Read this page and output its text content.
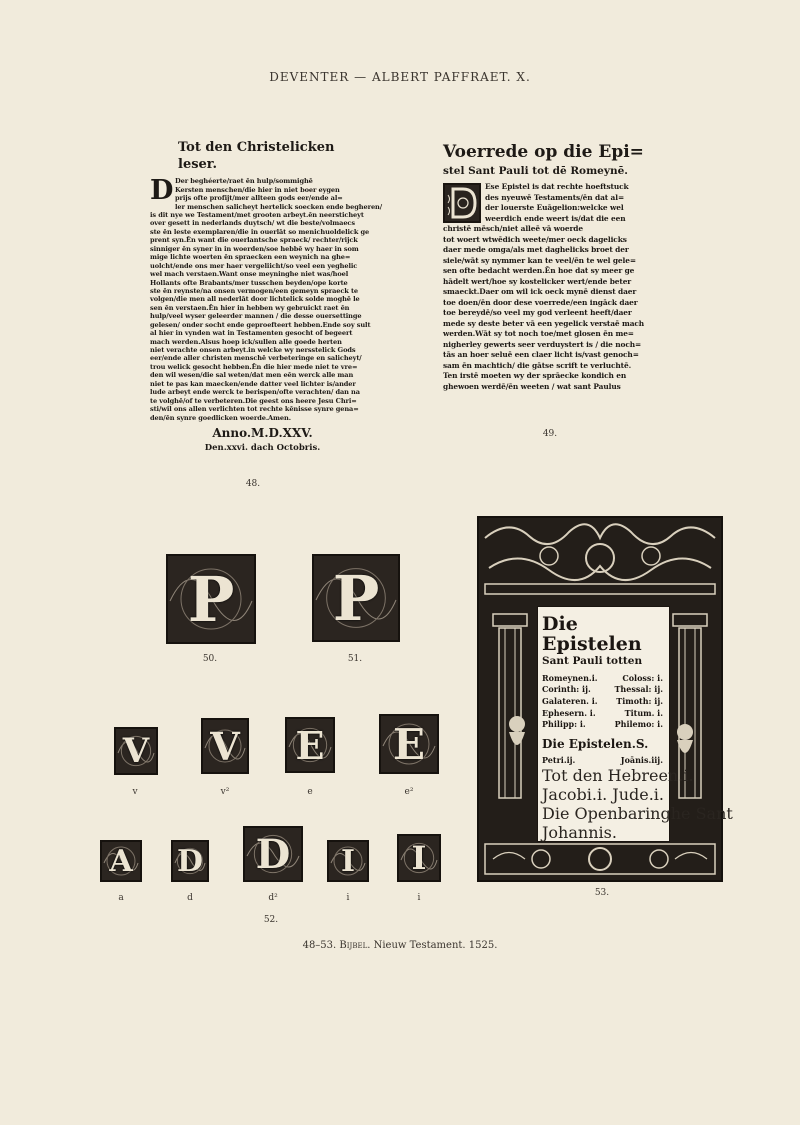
DEVENTER — ALBERT PAFFRAET. X.
Tot den Christelicken leser.
D Der beghéerte/raet ēn hulp/sommighē
Kersten menschen/die hier in niet boer eygen
prijs ofte profijt/mer allteen gods eer/ende al=
ler menschen salicheyt hertelick soecken ende begheren/
is dit nye we Testament/met grooten arbeyt.ēn neersticheyt
over gesett in nederlands duytsch/ wt die beste/volmaecs
ste ēn leste exemplaren/die in ouerlāt so menichuoldelick ge
prent syn.Ēn want die ouerlantsche spraeck/ rechter/rijck
sinniger ēn syner in in woerden/soe hebbē wy haer in som
mige lichte woerten ēn spraecken een weynich na ghe=
uolcht/ende ons mer haer vergeliicht/so veel een yeghelic
wel mach verstaen.Want onse meyninghe niet was/hoel
Hollants ofte Brabants/mer tusschen beyden/ope korte
ste ēn reynste/na onsen vermogen/een gemeyn spraeck te
volgen/die men all nederlāt door lichtelick solde moghē le
sen ēn verstaen.Ēn hier in hebben wy gebruickt raet ēn
hulp/veel wyser geleerder mannen / die desse ouersettinge
gelesen/ onder socht ende geproefteert hebben.Ende soy sult
al hier in vynden wat in Testamenten gesocht of begeert
mach werden.Alsus hoep ick/sullen alle goede herten
niet verachte onsen arbeyt.in welcke wy nersstelick Gods
eer/ende aller christen menschē verbeteringe en salicheyt/
trou welick gesocht hebben.Ēn die hier mede niet te vre=
den wil wesen/die sal weten/dat men eēn werck alle man
niet te pas kan maecken/ende datter veel lichter is/ander
lude arbeyt ende werck te berispen/ofte verachten/ dan na
te volghē/of te verbeteren.Die geest ons heere Jesu Chri=
sti/wil ons allen verlichten tot rechte kēnisse synre gena=
den/ēn synre goedlicken woerde.Amen.
Anno.M.D.XXV.
Den.xxvi. dach Octobris.
48.
Voerrede op die Epi=
stel Sant Pauli tot dē Romeynē.
Ese Epistel is dat rechte hoeftstuck
des nyeuwē Testaments/ēn dat al=
der louerste Euāgelion:welcke wel
weerdich ende weert is/dat die een
christē mēsch/niet alleē vā woerde
tot woert wtwēdich weete/mer oeck dagelicks
daer mede omga/als met daghelicks broet der
siele/wāt sy nymmer kan te veel/ēn te wel gele=
sen ofte bedacht werden.Ēn hoe dat sy meer ge
hādelt wert/hoe sy kostelicker wert/ende beter
smaeckt.Daer om wil ick oeck mynē dienst daer
toe doen/ēn door dese voerrede/een ingāck daer
toe bereydē/so veel my god verleent heeft/daer
mede sy deste beter vā een yegelick verstaē mach
werden.Wāt sy tot noch toe/met glosen ēn me=
nigherley gewerts seer verduystert is / die noch=
tās an hoer seluē een claer licht is/vast genoch=
sam ēn machtich/ die gātse scrift te verluchtē.
Ten irstē moeten wy der sprāecke kondich en
ghewoen werdē/ēn weeten / wat sant Paulus
49.
P
50.
P
51.
V
v
V
v²
E
e
E
e²
A
a
D
d
D
d²
I
i
I
i
52.
Die Epistelen
Sant Pauli totten
Romeynen.i.	Coloss: i.
Corinth: ij.	Thessal: ij.
Galateren. i. Timoth: ij.
Ephesern. i.	Titum. i.
Philipp: i.	Philemo: i.
Die Epistelen.S.
Petri.ij.	Joānis.iij.
Tot den Hebreen.i.
Jacobi.i. Jude.i.
Die Openbaringhe Sant
Johannis.
53.
48–53. Bijbel. Nieuw Testament. 1525.
